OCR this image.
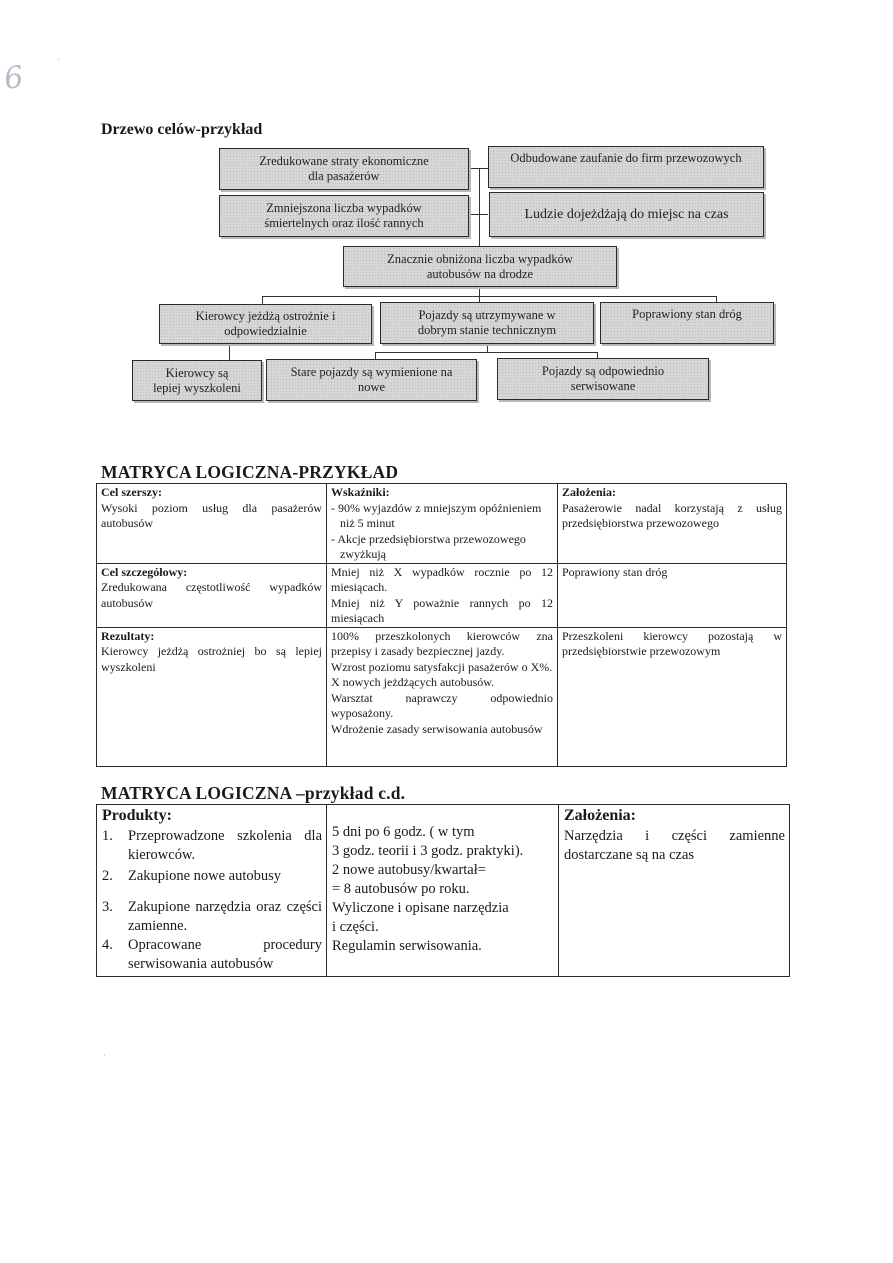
Drzewo celów-przykład
Zredukowane straty ekonomiczne
dla pasażerów
Odbudowane zaufanie do firm przewozowych
Zmniejszona liczba wypadków
śmiertelnych oraz ilość rannych
Ludzie dojeżdżają do miejsc na czas
Znacznie obniżona liczba wypadków
autobusów na drodze
Kierowcy jeżdżą ostrożnie i
odpowiedzialnie
Pojazdy są utrzymywane w
dobrym stanie technicznym
Poprawiony stan dróg
Kierowcy są
lepiej wyszkoleni
Stare pojazdy są wymienione na
nowe
Pojazdy są odpowiednio
serwisowane
MATRYCA LOGICZNA-PRZYKŁAD
Cel szerszy:
Wysoki poziom usług dla pasażerów autobusów	Wskaźniki:
- 90% wyjazdów z mniejszym opóźnieniem niż 5 minut
- Akcje przedsiębiorstwa przewozowego zwyżkują	Założenia:
Pasażerowie nadal korzystają z usług przedsiębiorstwa przewozowego

Cel szczegółowy:
Zredukowana częstotliwość wypadków autobusów	Mniej niż X wypadków rocznie po 12 miesiącach.
Mniej niż Y poważnie rannych po 12 miesiącach	Poprawiony stan dróg

Rezultaty:
Kierowcy jeżdżą ostrożniej bo są lepiej wyszkoleni	100% przeszkolonych kierowców zna przepisy i zasady bezpiecznej jazdy.
Wzrost poziomu satysfakcji pasażerów o X%.
X nowych jeżdżących autobusów.
Warsztat naprawczy odpowiednio wyposażony.
Wdrożenie zasady serwisowania autobusów	Przeszkoleni kierowcy pozostają w przedsiębiorstwie przewozowym
MATRYCA LOGICZNA –przykład c.d.
Produkty:
1.	Przeprowadzone szkolenia dla kierowców.
2.	Zakupione nowe autobusy
3.	Zakupione narzędzia oraz części zamienne.
4.	Opracowane procedury serwisowania autobusów

5 dni po 6 godz. ( w tym
3 godz. teorii i 3 godz. praktyki).
2 nowe autobusy/kwartał=
= 8 autobusów po roku.
Wyliczone i opisane narzędzia
i części.
Regulamin serwisowania.

Założenia:
Narzędzia i części zamienne dostarczane są na czas
6
·
·
